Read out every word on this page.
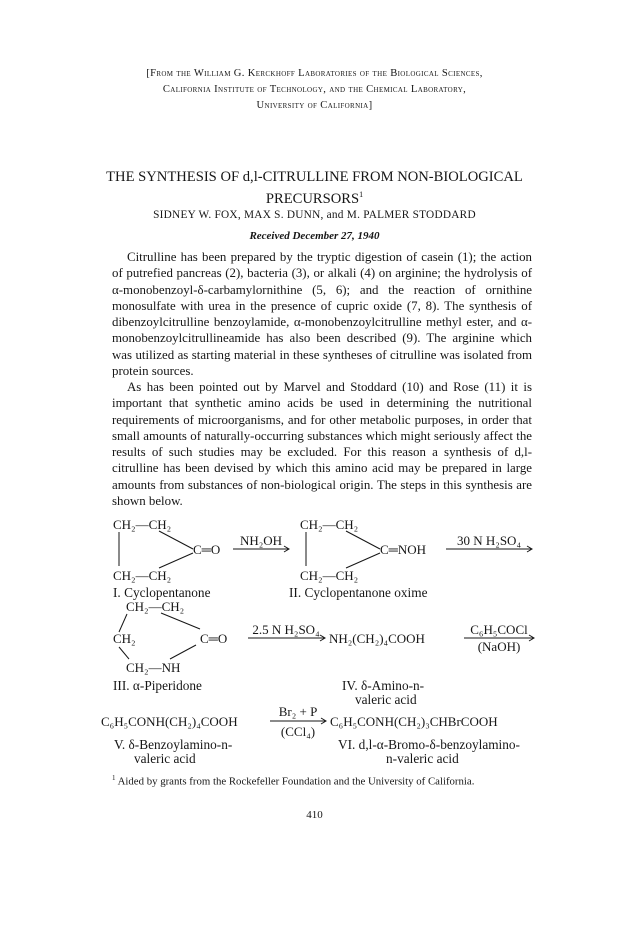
[From the William G. Kerckhoff Laboratories of the Biological Sciences,
California Institute of Technology, and the Chemical Laboratory,
University of California]
THE SYNTHESIS OF d,l-CITRULLINE FROM NON-BIOLOGICAL
PRECURSORS$^1$
SIDNEY W. FOX, MAX S. DUNN, and M. PALMER STODDARD
Received December 27, 1940

Citrulline has been prepared by the tryptic digestion of casein (1); the action of putrefied pancreas (2), bacteria (3), or alkali (4) on arginine; the hydrolysis of α-monobenzoyl-δ-carbamylornithine (5, 6); and the reaction of ornithine monosulfate with urea in the presence of cupric oxide (7, 8). The synthesis of dibenzoylcitrulline benzoylamide, α-monobenzoylcitrulline methyl ester, and α-monobenzoylcitrullineamide has also been described (9). The arginine which was utilized as starting material in these syntheses of citrulline was isolated from protein sources.

As has been pointed out by Marvel and Stoddard (10) and Rose (11) it is important that synthetic amino acids be used in determining the nutritional requirements of microorganisms, and for other metabolic purposes, in order that small amounts of naturally-occurring substances which might seriously affect the results of such studies may be excluded. For this reason a synthesis of d,l-citrulline has been devised by which this amino acid may be prepared in large amounts from substances of non-biological origin. The steps in this synthesis are shown below.

CH₂—CH₂
C═O
CH₂—CH₂
I. Cyclopentanone
NH₂OH
CH₂—CH₂
C═NOH
CH₂—CH₂
II. Cyclopentanone oxime
30 N H₂SO₄
CH₂—CH₂
CH₂	C═O
CH₂—NH
III. α-Piperidone
2.5 N H₂SO₄
NH₂(CH₂)₄COOH
IV. δ-Amino-n-
valeric acid
C₆H₅COCl
(NaOH)
C₆H₅CONH(CH₂)₄COOH
V. δ-Benzoylamino-n-
valeric acid
Br₂ + P
(CCl₄)
C₆H₅CONH(CH₂)₃CHBrCOOH
VI. d,l-α-Bromo-δ-benzoylamino-
n-valeric acid
$^1$ Aided by grants from the Rockefeller Foundation and the University of California.
410
